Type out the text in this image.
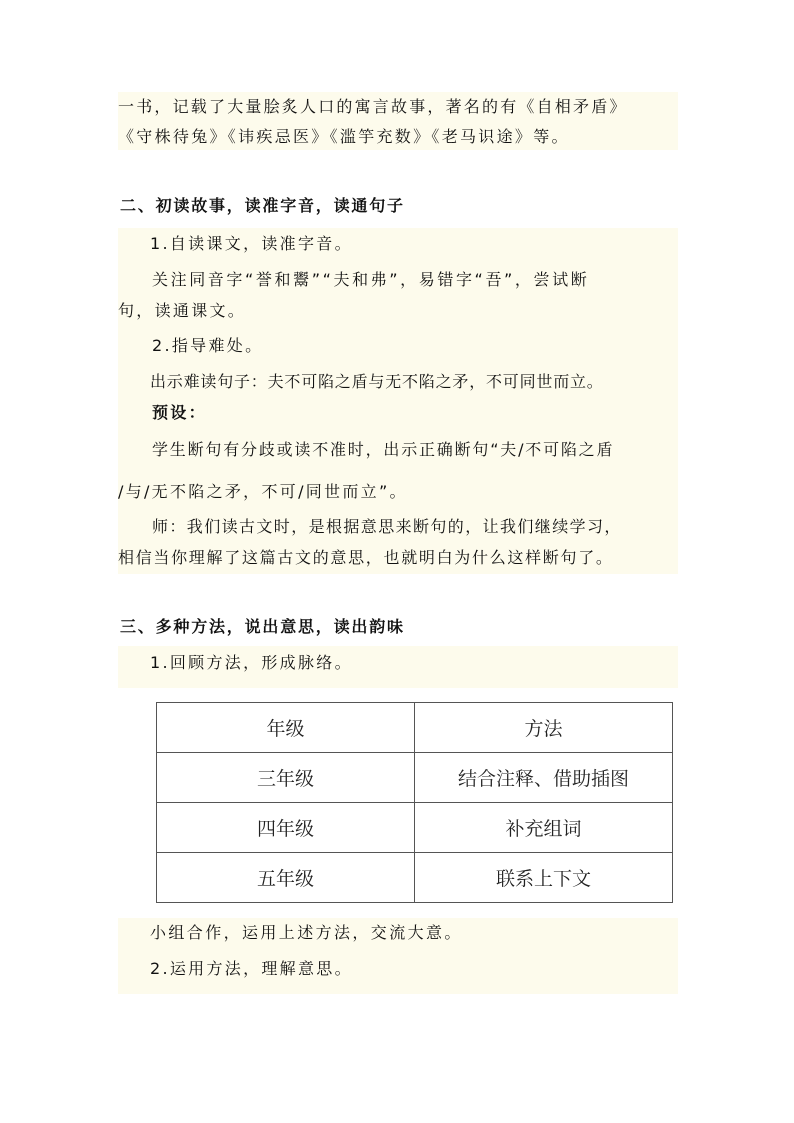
一书，记载了大量脍炙人口的寓言故事，著名的有《自相矛盾》
《守株待兔》《讳疾忌医》《滥竽充数》《老马识途》等。
二、初读故事，读准字音，读通句子
1.自读课文，读准字音。
关注同音字“誉和鬻”“夫和弗”，易错字“吾”，尝试断
句，读通课文。
2.指导难处。
出示难读句子：夫不可陷之盾与无不陷之矛，不可同世而立。
预设：
学生断句有分歧或读不准时，出示正确断句“夫/不可陷之盾
/与/无不陷之矛，不可/同世而立”。
师：我们读古文时，是根据意思来断句的，让我们继续学习，
相信当你理解了这篇古文的意思，也就明白为什么这样断句了。
三、多种方法，说出意思，读出韵味
1.回顾方法，形成脉络。
年级	方法
三年级	结合注释、借助插图
四年级	补充组词
五年级	联系上下文
小组合作，运用上述方法，交流大意。
2.运用方法，理解意思。
